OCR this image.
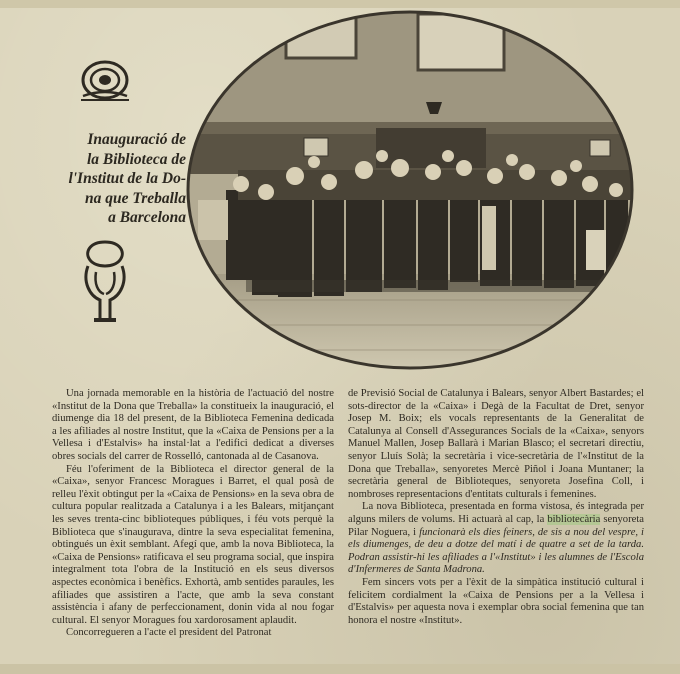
Inauguració de
la Biblioteca de
l'Institut de la Do-
na que Treballa
a Barcelona

Una jornada memorable en la història de l'actuació del nostre «Institut de la Dona que Treballa» la constitueix la inauguració, el diumenge dia 18 del present, de la Biblioteca Femenina dedicada a les afiliades al nostre Institut, que la «Caixa de Pensions per a la Vellesa i d'Estalvis» ha instal·lat a l'edifici dedicat a diverses obres socials del carrer de Rosselló, cantonada al de Casanova.

Féu l'oferiment de la Biblioteca el director general de la «Caixa», senyor Francesc Moragues i Barret, el qual posà de relleu l'èxit obtingut per la «Caixa de Pensions» en la seva obra de cultura popular realitzada a Catalunya i a les Balears, mitjançant les seves trenta-cinc biblioteques públiques, i féu vots perquè la Biblioteca que s'inaugurava, dintre la seva especialitat femenina, obtingués un èxit semblant. Afegí que, amb la nova Biblioteca, la «Caixa de Pensions» ratificava el seu programa social, que inspira integralment tota l'obra de la Institució en els seus diversos aspectes econòmica i benèfics. Exhortà, amb sentides paraules, les afiliades que assistiren a l'acte, que amb la seva constant assistència i afany de perfeccionament, donin vida al nou fogar cultural. El senyor Moragues fou xardorosament aplaudit.

Concorregueren a l'acte el president del Patronat

de Previsió Social de Catalunya i Balears, senyor Albert Bastardes; el sots-director de la «Caixa» i Degà de la Facultat de Dret, senyor Josep M. Boix; els vocals representants de la Generalitat de Catalunya al Consell d'Assegurances Socials de la «Caixa», senyors Manuel Mallen, Josep Ballarà i Marian Blasco; el secretari directiu, senyor Lluís Solà; la secretària i vice-secretària de l'«Institut de la Dona que Treballa», senyoretes Mercè Piñol i Joana Muntaner; la secretària general de Biblioteques, senyoreta Josefina Coll, i nombroses representacions d'entitats culturals i femenines.

La nova Biblioteca, presentada en forma vistosa, és integrada per alguns milers de volums. Hi actuarà al cap, la bibliotecària senyoreta Pilar Noguera, i funcionarà els dies feiners, de sis a nou del vespre, i els diumenges, de deu a dotze del matí i de quatre a set de la tarda. Podran assistir-hi les afiliades a l'«Institut» i les alumnes de l'Escola d'Infermeres de Santa Madrona.

Fem sincers vots per a l'èxit de la simpàtica institució cultural i felicitem cordialment la «Caixa de Pensions per a la Vellesa i d'Estalvis» per aquesta nova i exemplar obra social femenina que tan honora el nostre «Institut».
